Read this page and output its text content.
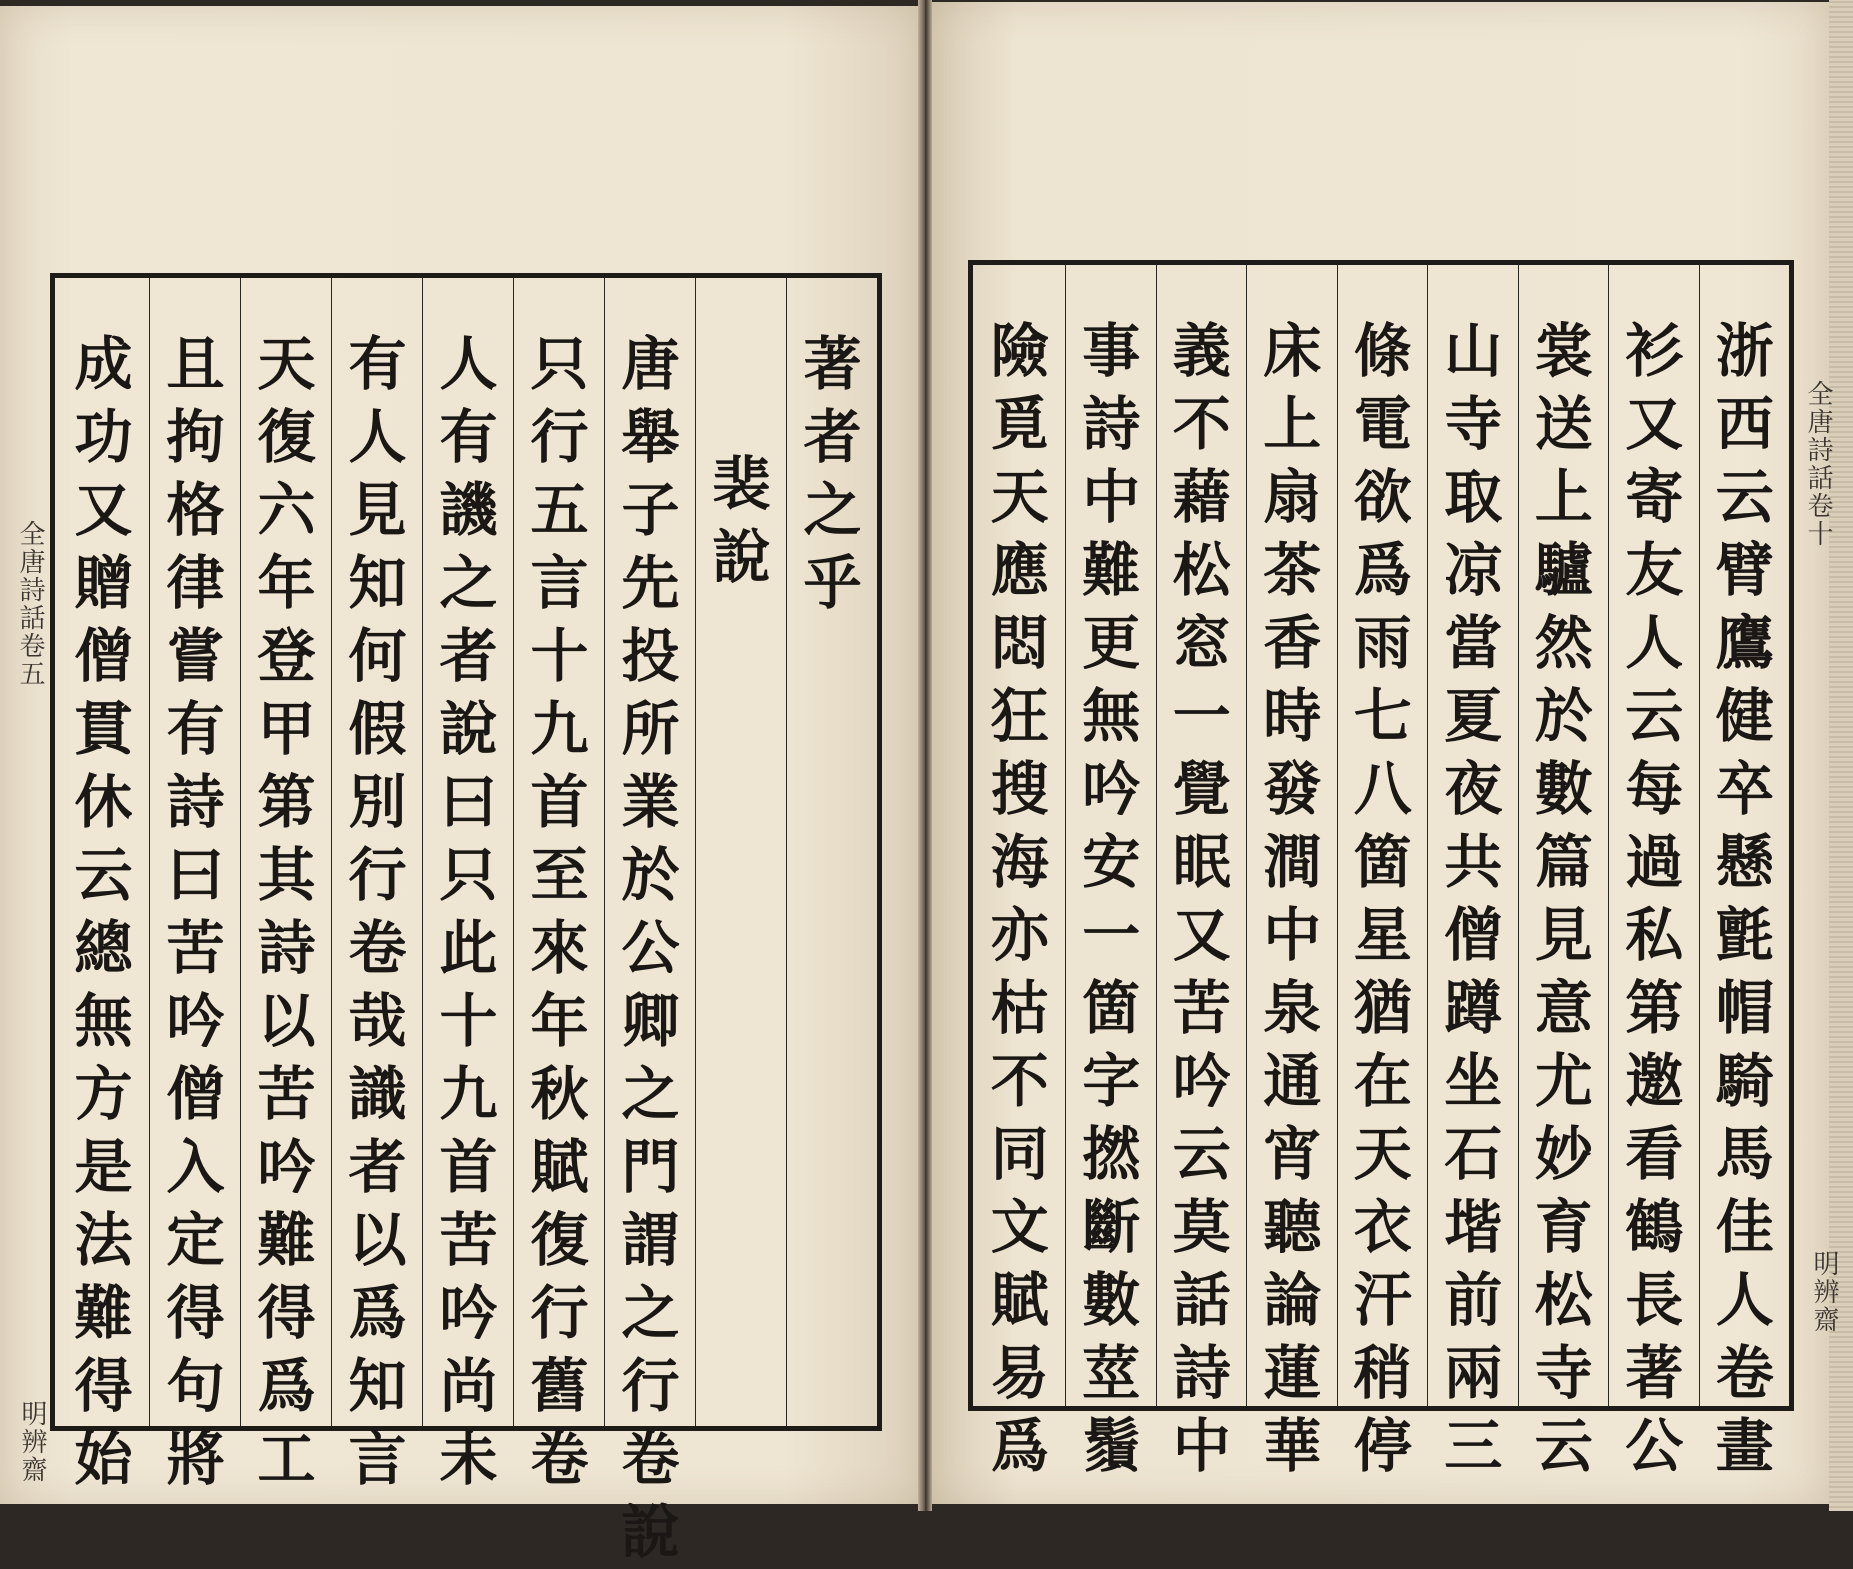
全唐詩話卷五
明辨齋
全唐詩話卷十
明辨齋
著
者
之
乎
裴
說
唐
舉
子
先
投
所
業
於
公
卿
之
門
謂
之
行
卷
說
只
行
五
言
十
九
首
至
來
年
秋
賦
復
行
舊
卷
人
有
譏
之
者
說
曰
只
此
十
九
首
苦
吟
尚
未
有
人
見
知
何
假
別
行
卷
哉
識
者
以
爲
知
言
天
復
六
年
登
甲
第
其
詩
以
苦
吟
難
得
爲
工
且
拘
格
律
嘗
有
詩
曰
苦
吟
僧
入
定
得
句
將
成
功
又
贈
僧
貫
休
云
總
無
方
是
法
難
得
始
浙
西
云
臂
鷹
健
卒
懸
氈
帽
騎
馬
佳
人
卷
畫
衫
又
寄
友
人
云
每
過
私
第
邀
看
鶴
長
著
公
裳
送
上
驢
然
於
數
篇
見
意
尤
妙
育
松
寺
云
山
寺
取
凉
當
夏
夜
共
僧
蹲
坐
石
堦
前
兩
三
條
電
欲
爲
雨
七
八
箇
星
猶
在
天
衣
汗
稍
停
床
上
扇
茶
香
時
發
澗
中
泉
通
宵
聽
論
蓮
華
義
不
藉
松
窓
一
覺
眠
又
苦
吟
云
莫
話
詩
中
事
詩
中
難
更
無
吟
安
一
箇
字
撚
斷
數
莖
鬚
險
覓
天
應
悶
狂
搜
海
亦
枯
不
同
文
賦
易
爲
